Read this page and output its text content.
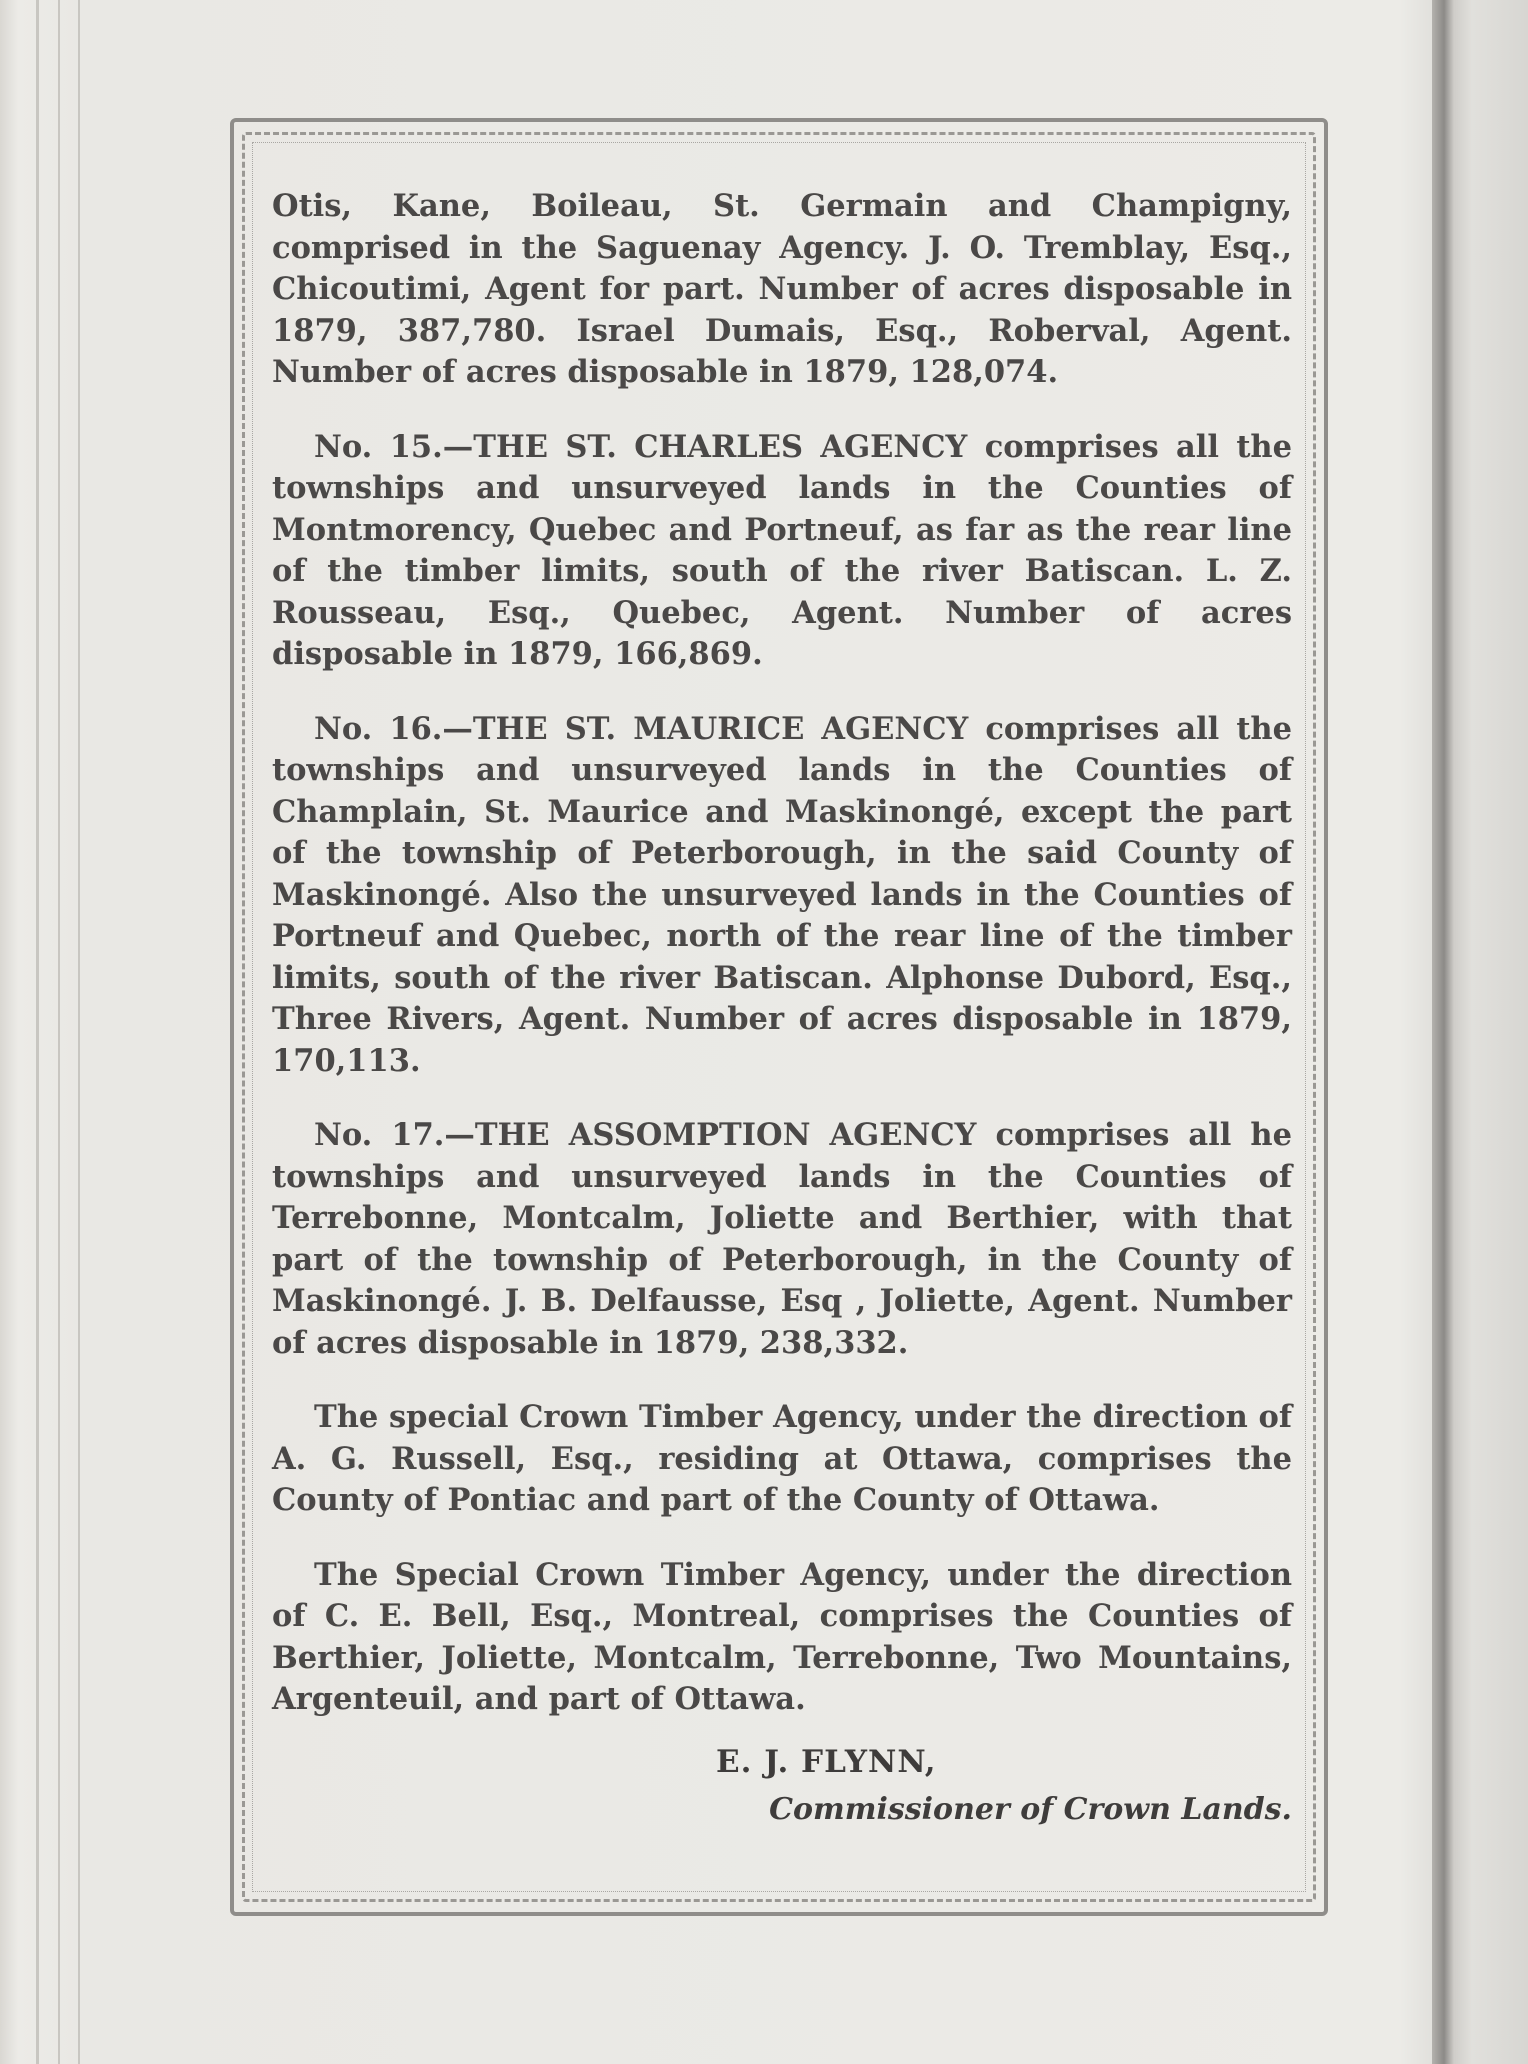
Otis, Kane, Boileau, St. Germain and Champigny, comprised in the Saguenay Agency. J. O. Tremblay, Esq., Chicoutimi, Agent for part. Number of acres disposable in 1879, 387,780. Israel Dumais, Esq., Roberval, Agent. Number of acres disposable in 1879, 128,074.

No. 15.—THE ST. CHARLES AGENCY comprises all the townships and unsurveyed lands in the Counties of Montmorency, Quebec and Portneuf, as far as the rear line of the timber limits, south of the river Batiscan. L. Z. Rousseau, Esq., Quebec, Agent. Number of acres disposable in 1879, 166,869.

No. 16.—THE ST. MAURICE AGENCY comprises all the townships and unsurveyed lands in the Counties of Champlain, St. Maurice and Maskinongé, except the part of the township of Peterborough, in the said County of Maskinongé. Also the unsurveyed lands in the Counties of Portneuf and Quebec, north of the rear line of the timber limits, south of the river Batiscan. Alphonse Dubord, Esq., Three Rivers, Agent. Number of acres disposable in 1879, 170,113.

No. 17.—THE ASSOMPTION AGENCY comprises all he townships and unsurveyed lands in the Counties of Terrebonne, Montcalm, Joliette and Berthier, with that part of the township of Peterborough, in the County of Maskinongé. J. B. Delfausse, Esq , Joliette, Agent. Number of acres disposable in 1879, 238,332.

The special Crown Timber Agency, under the direction of A. G. Russell, Esq., residing at Ottawa, comprises the County of Pontiac and part of the County of Ottawa.

The Special Crown Timber Agency, under the direction of C. E. Bell, Esq., Montreal, comprises the Counties of Berthier, Joliette, Montcalm, Terrebonne, Two Mountains, Argenteuil, and part of Ottawa.

E. J. FLYNN,
Commissioner of Crown Lands.
